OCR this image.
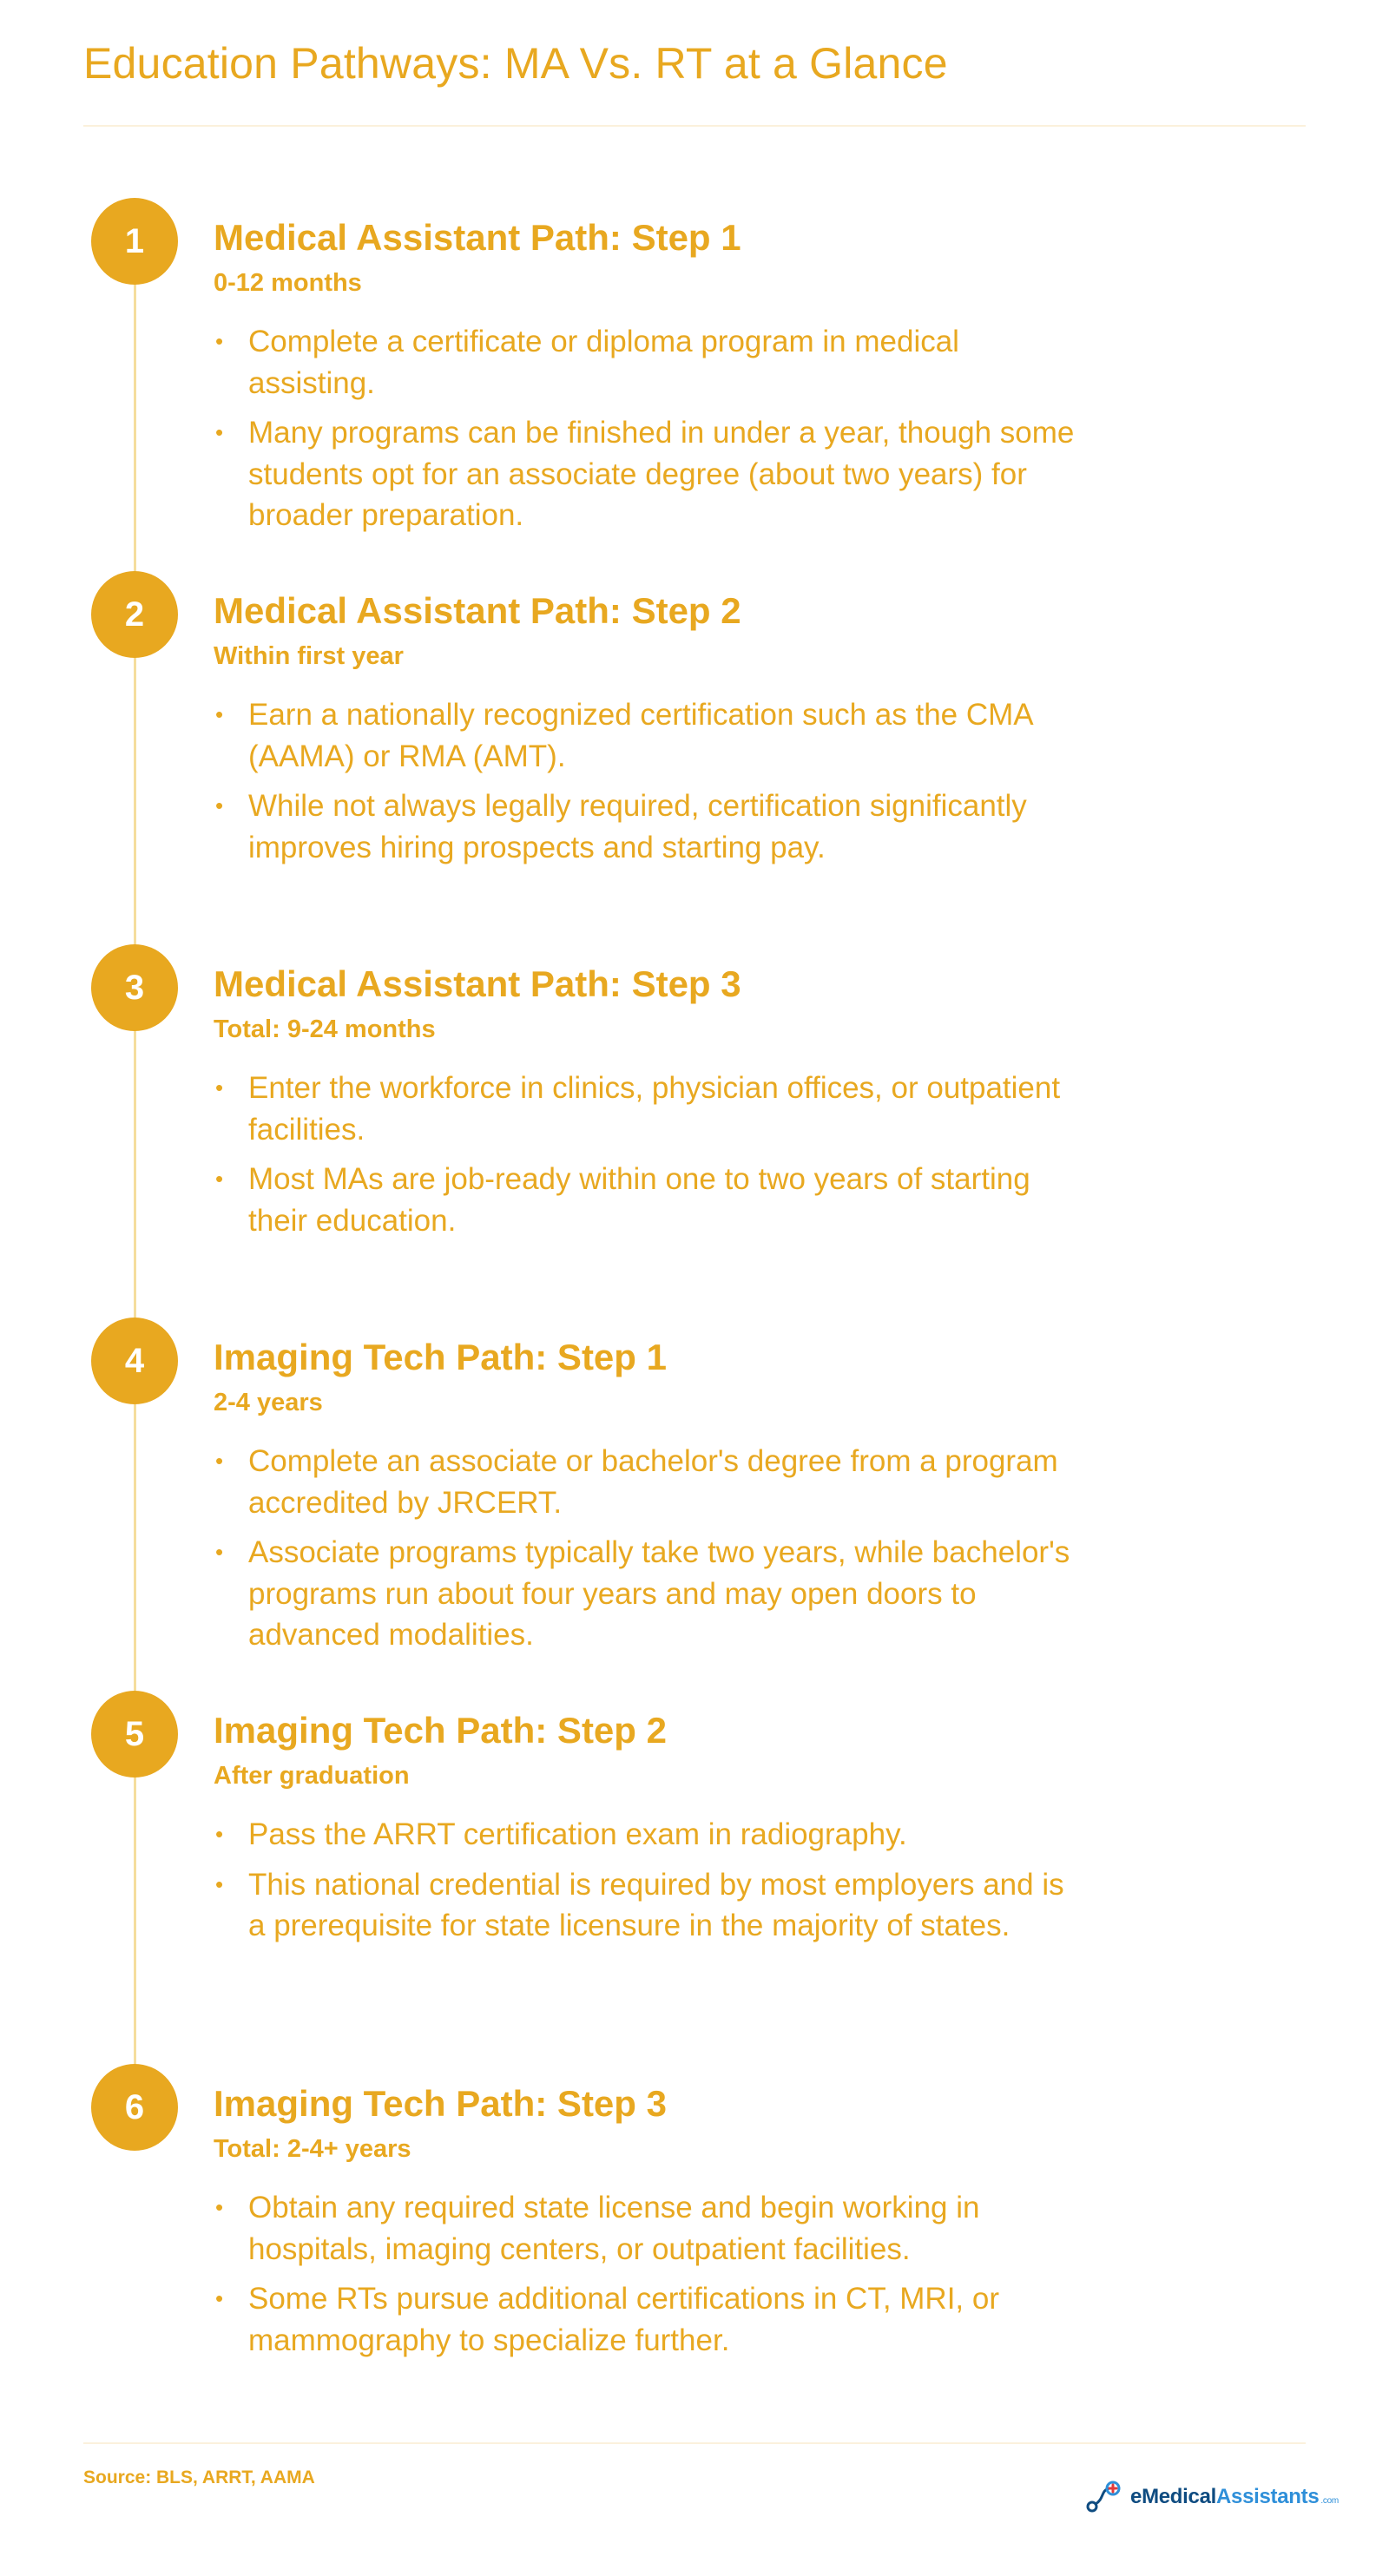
Education Pathways: MA Vs. RT at a Glance
1	Medical Assistant Path: Step 1

0-12 months

• Complete a certificate or diploma program in medical assisting.
• Many programs can be finished in under a year, though some students opt for an associate degree (about two years) for broader preparation.
2	Medical Assistant Path: Step 2

Within first year

• Earn a nationally recognized certification such as the CMA (AAMA) or RMA (AMT).
• While not always legally required, certification significantly improves hiring prospects and starting pay.
3	Medical Assistant Path: Step 3

Total: 9-24 months

• Enter the workforce in clinics, physician offices, or outpatient facilities.
• Most MAs are job-ready within one to two years of starting their education.
4	Imaging Tech Path: Step 1

2-4 years

• Complete an associate or bachelor's degree from a program accredited by JRCERT.
• Associate programs typically take two years, while bachelor's programs run about four years and may open doors to advanced modalities.
5	Imaging Tech Path: Step 2

After graduation

• Pass the ARRT certification exam in radiography.
• This national credential is required by most employers and is a prerequisite for state licensure in the majority of states.
6	Imaging Tech Path: Step 3

Total: 2-4+ years

• Obtain any required state license and begin working in hospitals, imaging centers, or outpatient facilities.
• Some RTs pursue additional certifications in CT, MRI, or mammography to specialize further.
Source: BLS, ARRT, AAMA
eMedicalAssistants .com
